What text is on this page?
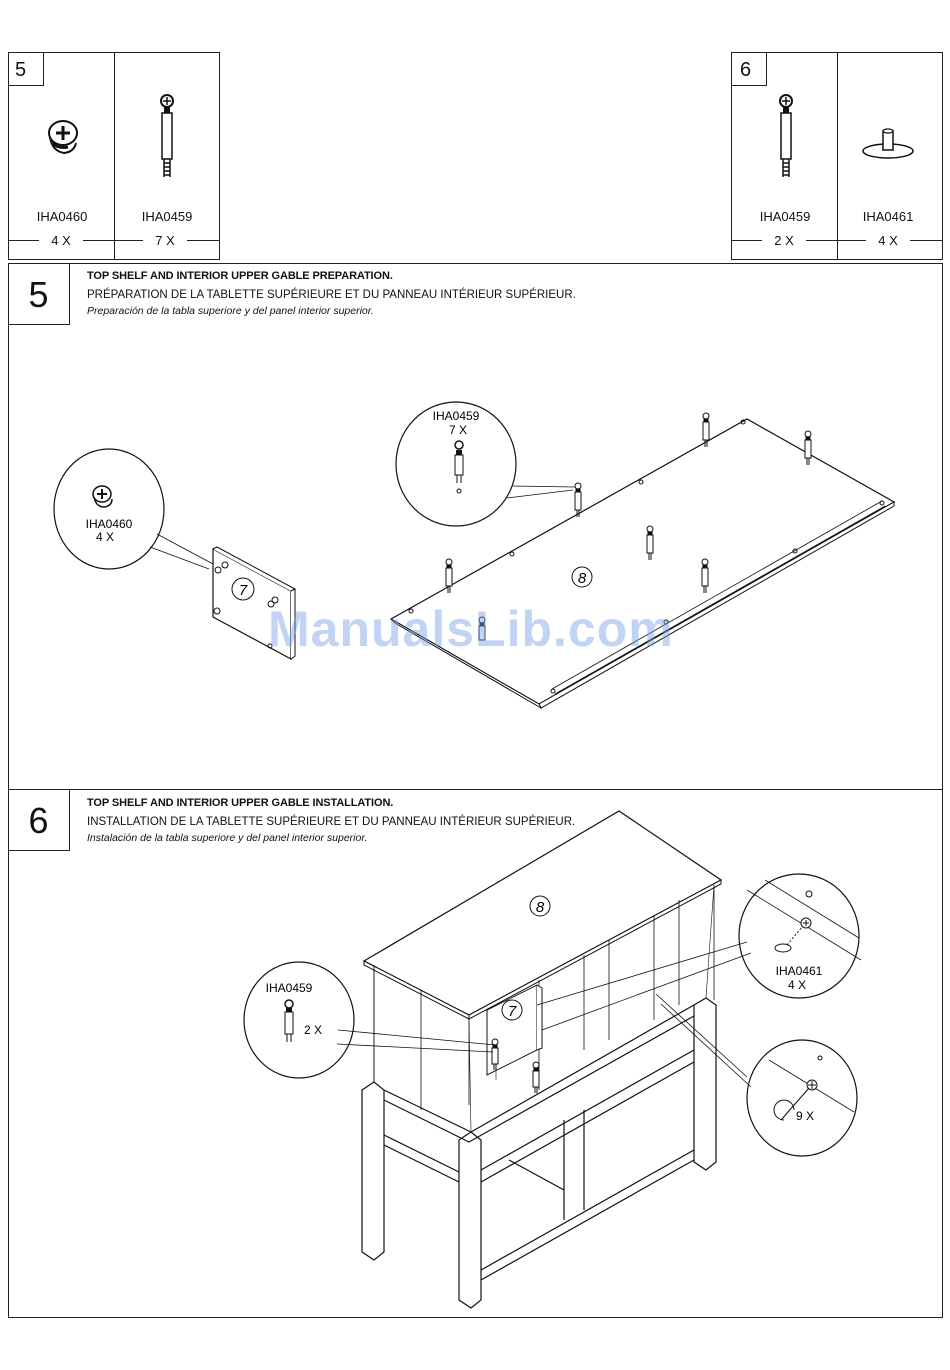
5
IHA0460	IHA0459
4 X	7 X
6
IHA0459	IHA0461
2 X	4 X
5	TOP SHELF AND INTERIOR UPPER GABLE PREPARATION.
PRÉPARATION DE LA TABLETTE SUPÉRIEURE ET DU PANNEAU INTÉRIEUR SUPÉRIEUR.
Preparación de la tabla superiore y del panel interior superior.
IHA0460
4 X
7
IHA0459
7 X
8
6	TOP SHELF AND INTERIOR UPPER GABLE INSTALLATION.
INSTALLATION DE LA TABLETTE SUPÉRIEURE ET DU PANNEAU INTÉRIEUR SUPÉRIEUR.
Instalación de la tabla superiore y del panel interior superior.
8
7
IHA0459
2 X
IHA0461
4 X
9 X
ManualsLib.com
